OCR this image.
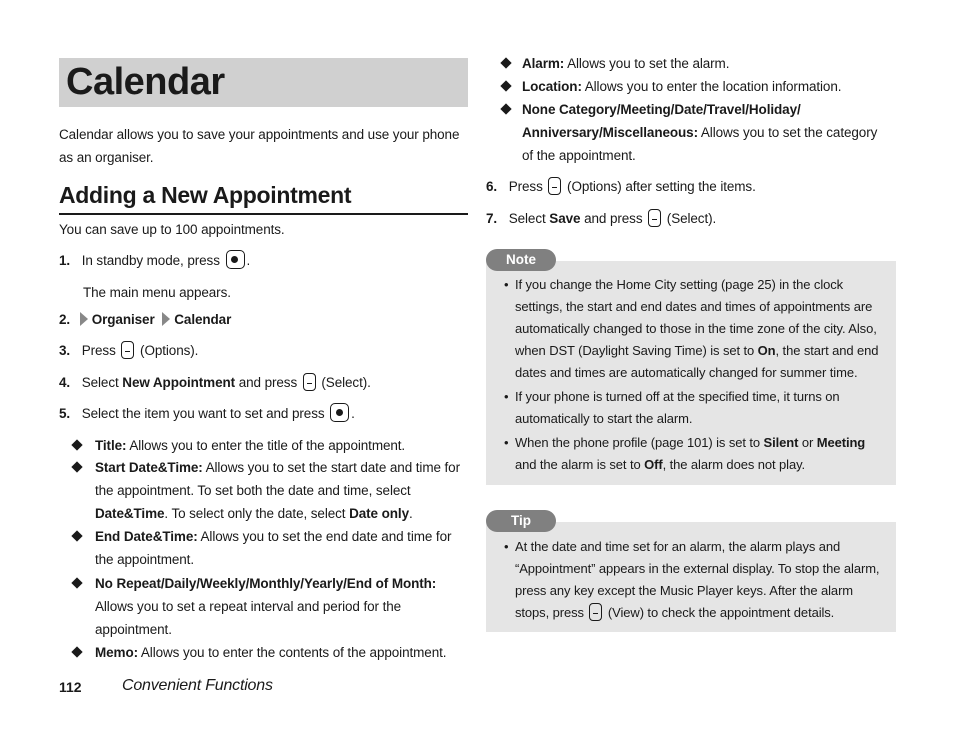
Calendar
Calendar allows you to save your appointments and use your phone as an organiser.
Adding a New Appointment
You can save up to 100 appointments.
1. In standby mode, press .
The main menu appears.
2. Organiser Calendar
3. Press (Options).
4. Select New Appointment and press (Select).
5. Select the item you want to set and press .
Title: Allows you to enter the title of the appointment.
Start Date&Time: Allows you to set the start date and time for
the appointment. To set both the date and time, select
Date&Time. To select only the date, select Date only.
End Date&Time: Allows you to set the end date and time for
the appointment.
No Repeat/Daily/Weekly/Monthly/Yearly/End of Month:
Allows you to set a repeat interval and period for the
appointment.
Memo: Allows you to enter the contents of the appointment.
Alarm: Allows you to set the alarm.
Location: Allows you to enter the location information.
None Category/Meeting/Date/Travel/Holiday/
Anniversary/Miscellaneous: Allows you to set the category
of the appointment.
6. Press (Options) after setting the items.
7. Select Save and press (Select).
Note
• If you change the Home City setting (page 25) in the clock
settings, the start and end dates and times of appointments are
automatically changed to those in the time zone of the city. Also,
when DST (Daylight Saving Time) is set to On, the start and end
dates and times are automatically changed for summer time.
• If your phone is turned off at the specified time, it turns on
automatically to start the alarm.
• When the phone profile (page 101) is set to Silent or Meeting
and the alarm is set to Off, the alarm does not play.
Tip
• At the date and time set for an alarm, the alarm plays and
“Appointment” appears in the external display. To stop the alarm,
press any key except the Music Player keys. After the alarm
stops, press (View) to check the appointment details.
112	Convenient Functions
